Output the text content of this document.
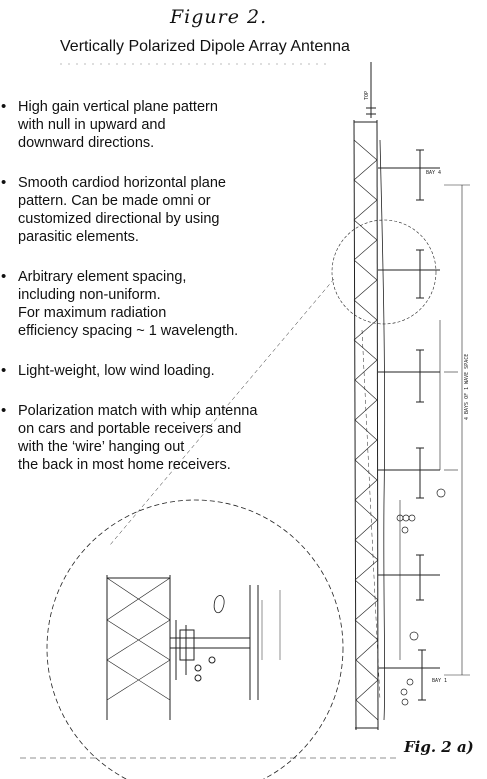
Figure 2.
Vertically Polarized Dipole Array Antenna
• High gain vertical plane pattern
with null in upward and
downward directions.
• Smooth cardiod horizontal plane
pattern. Can be made omni or
customized directional by using
parasitic elements.
• Arbitrary element spacing,
including non-uniform.
For maximum radiation
efficiency spacing ~ 1 wavelength.
• Light-weight, low wind loading.
• Polarization match with whip antenna
on cars and portable receivers and
with the ‘wire’ hanging out
the back in most home receivers.
TOP
BAY 4
BAY 1
4 BAYS OF 1 WAVE SPACE
Fig. 2 a)
